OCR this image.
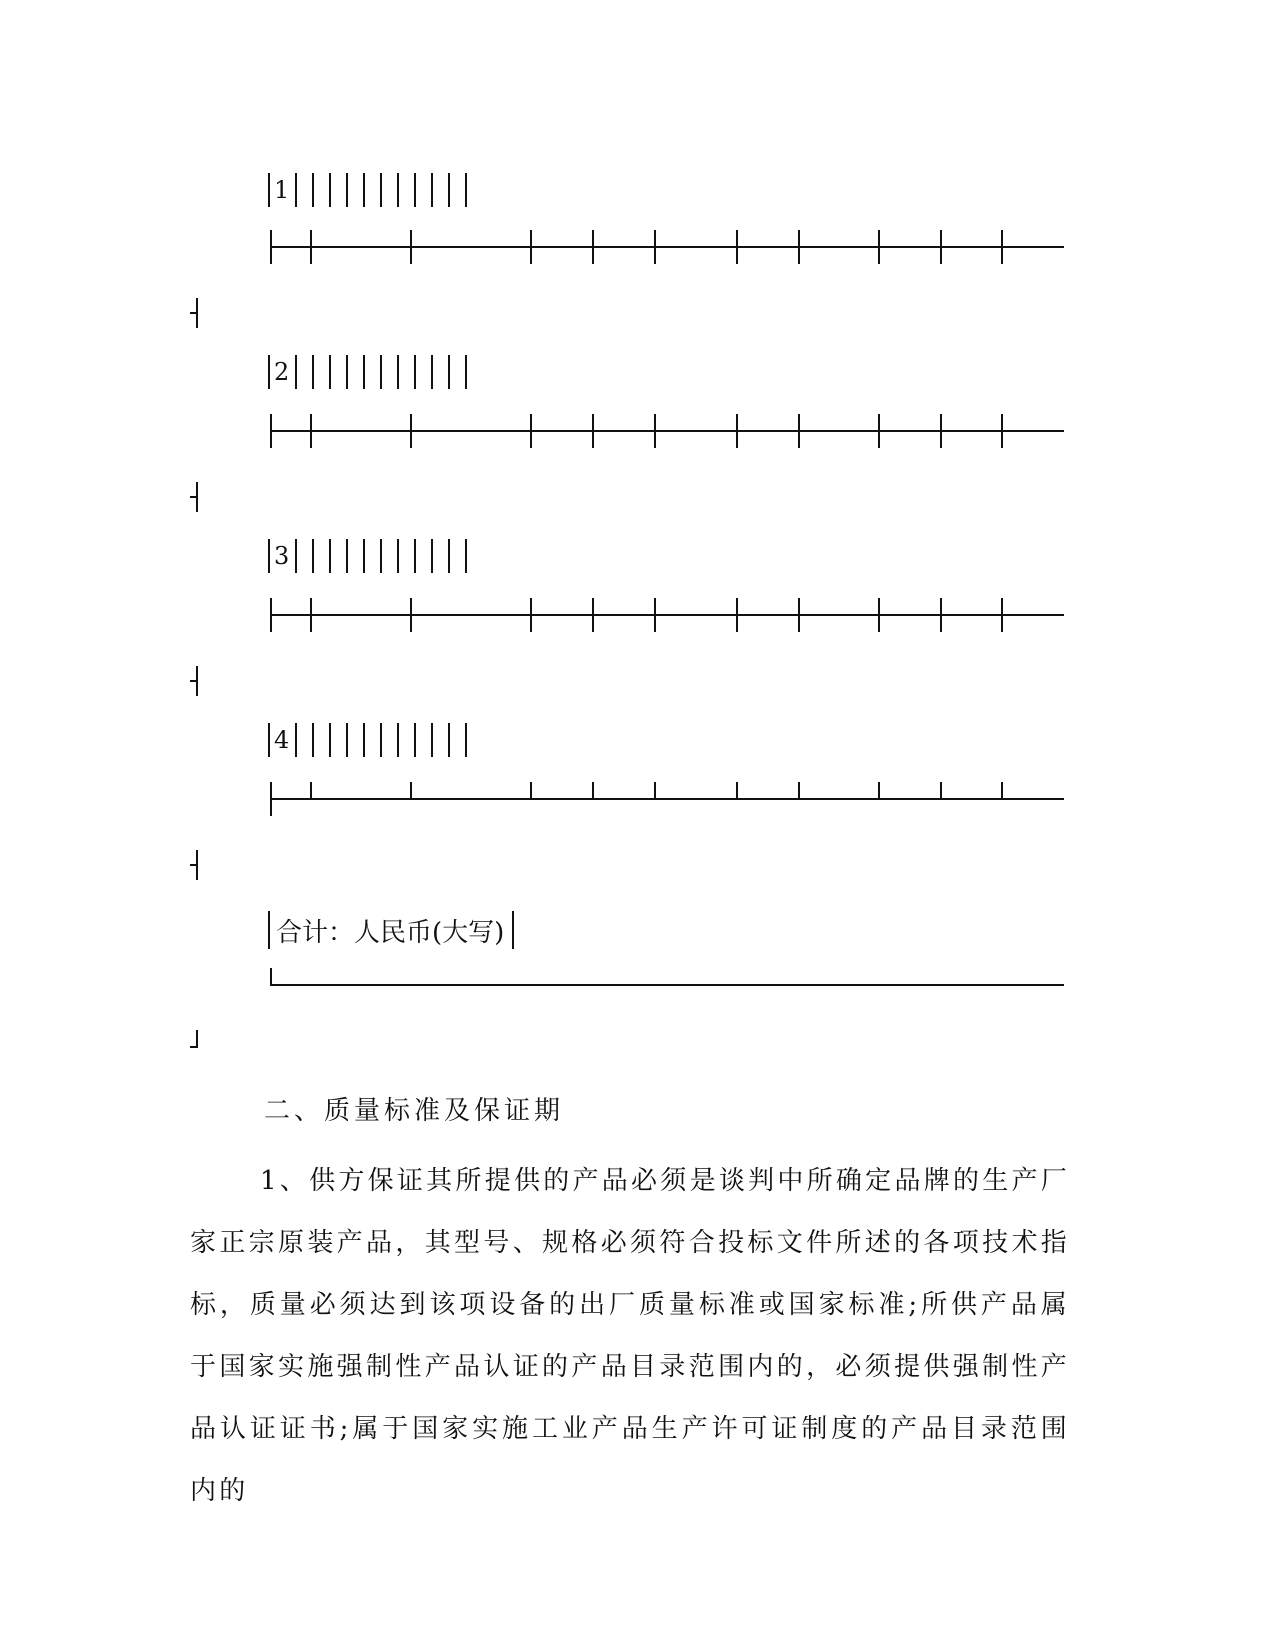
1
2
3
4
合计：人民币(大写)
二、质量标准及保证期
1、供方保证其所提供的产品必须是谈判中所确定品牌的生产厂家正宗原装产品，其型号、规格必须符合投标文件所述的各项技术指标，质量必须达到该项设备的出厂质量标准或国家标准;所供产品属于国家实施强制性产品认证的产品目录范围内的，必须提供强制性产品认证证书;属于国家实施工业产品生产许可证制度的产品目录范围内的
